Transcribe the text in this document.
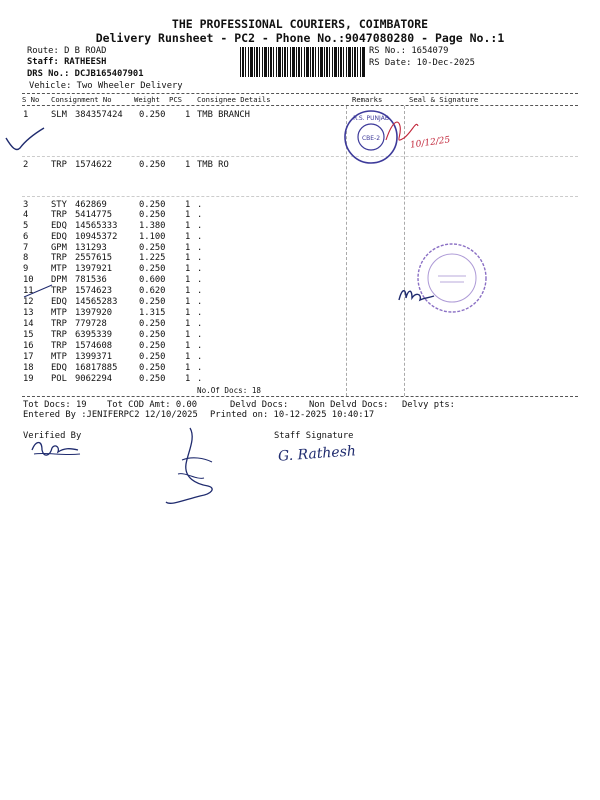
THE PROFESSIONAL COURIERS, COIMBATORE
Delivery Runsheet - PC2 - Phone No.:9047080280 - Page No.:1
Route: D B ROAD
Staff: RATHEESH
DRS No.: DCJB165407901
Vehicle: Two Wheeler Delivery
RS No.: 1654079
RS Date: 10-Dec-2025
S No Consignment No	Weight PCS Consignee Details	Remarks	Seal & Signature
1	SLM 384357424 0.250 1 TMB BRANCH
2	TRP 1574622	0.250 1 TMB RO
3	STY 462869	0.250 1 .
4	TRP 5414775	0.250 1 .
5	EDQ 14565333 1.380 1 .
6	EDQ 10945372 1.100 1 .
7	GPM 131293	0.250 1 .
8	TRP 2557615	1.225 1 .
9	MTP 1397921	0.250 1 .
10 DPM 781536	0.600 1 .
11 TRP 1574623	0.620 1 .
12 EDQ 14565283 0.250 1 .
13 MTP 1397920	1.315 1 .
14 TRP 779728	0.250 1 .
15 TRP 6395339	0.250 1 .
16 TRP 1574608	0.250 1 .
17 MTP 1399371	0.250 1 .
18 EDQ 16817885 0.250 1 .
19 POL 9062294	0.250 1 .
No.Of Docs: 18
Tot Docs: 19 Tot COD Amt: 0.00	Delvd Docs: Non Delvd Docs: Delvy pts:
Entered By :JENIFERPC2 12/10/2025 Printed on: 10-12-2025 10:40:17
Verified By	Staff Signature
R.S. PUNJAB
CBE-2	10/12/25
G. Rathesh
